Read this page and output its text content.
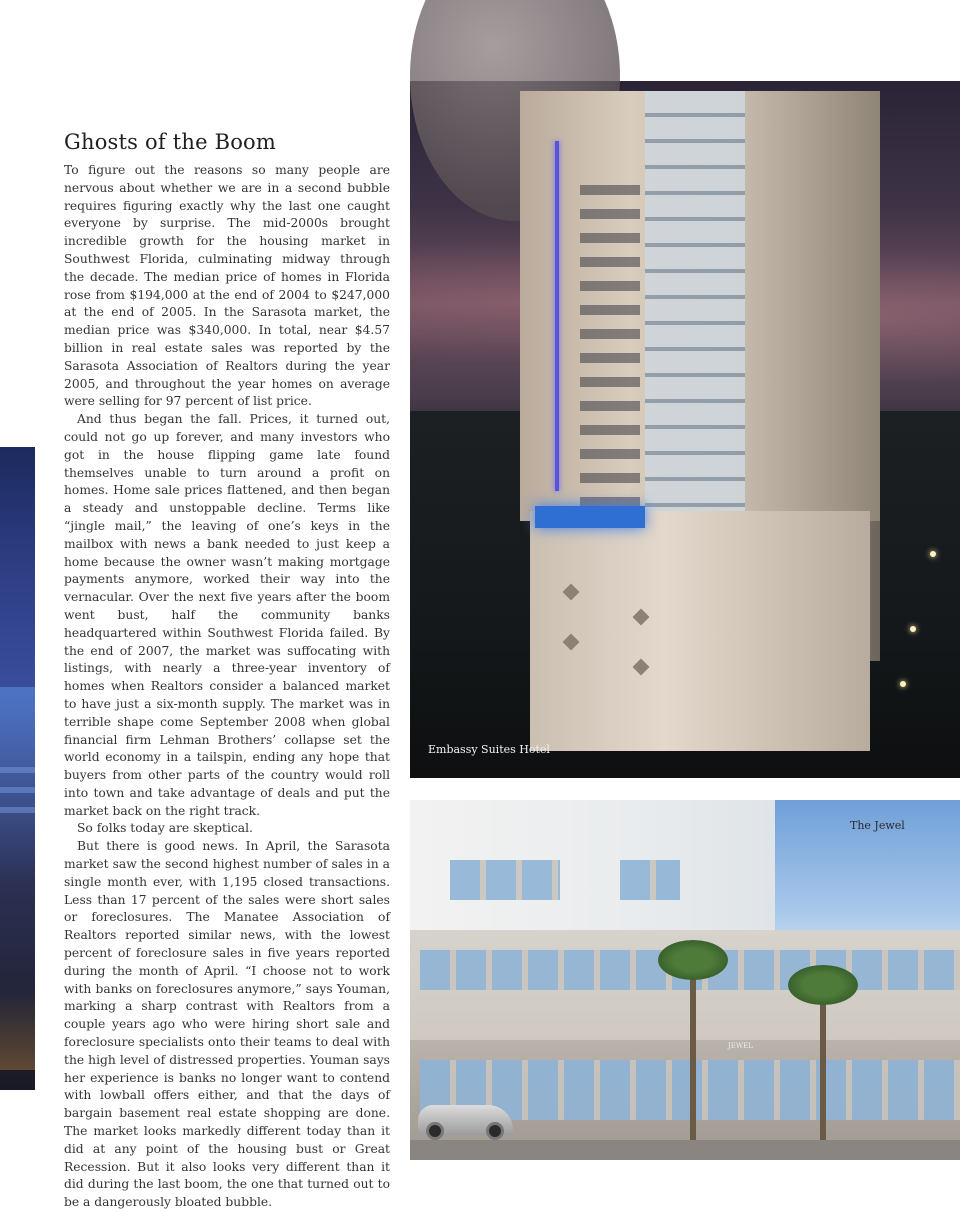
Ghosts of the Boom

To figure out the reasons so many people are nervous about whether we are in a second bubble requires figuring exactly why the last one caught everyone by surprise. The mid-2000s brought incredible growth for the housing market in Southwest Florida, culminating midway through the decade. The median price of homes in Florida rose from $194,000 at the end of 2004 to $247,000 at the end of 2005. In the Sarasota market, the median price was $340,000. In total, near $4.57 billion in real estate sales was reported by the Sarasota Association of Realtors during the year 2005, and throughout the year homes on average were selling for 97 percent of list price.

And thus began the fall. Prices, it turned out, could not go up forever, and many investors who got in the house flipping game late found themselves unable to turn around a profit on homes. Home sale prices flattened, and then began a steady and unstoppable decline. Terms like “jingle mail,” the leaving of one’s keys in the mailbox with news a bank needed to just keep a home because the owner wasn’t making mortgage payments anymore, worked their way into the vernacular. Over the next five years after the boom went bust, half the community banks headquartered within Southwest Florida failed. By the end of 2007, the market was suffocating with listings, with nearly a three-year inventory of homes when Realtors consider a balanced market to have just a six-month supply. The market was in terrible shape come September 2008 when global financial firm Lehman Brothers’ collapse set the world economy in a tailspin, ending any hope that buyers from other parts of the country would roll into town and take advantage of deals and put the market back on the right track.

So folks today are skeptical.

But there is good news. In April, the Sarasota market saw the second highest number of sales in a single month ever, with 1,195 closed transactions. Less than 17 percent of the sales were short sales or foreclosures. The Manatee Association of Realtors reported similar news, with the lowest percent of foreclosure sales in five years reported during the month of April. “I choose not to work with banks on foreclosures anymore,” says Youman, marking a sharp contrast with Realtors from a couple years ago who were hiring short sale and foreclosure specialists onto their teams to deal with the high level of distressed properties. Youman says her experience is banks no longer want to contend with lowball offers either, and that the days of bargain basement real estate shopping are done. The market looks markedly different today than it did at any point of the housing bust or Great Recession. But it also looks very different than it did during the last boom, the one that turned out to be a dangerously bloated bubble.

Embassy Suites Hotel
The Jewel
JEWEL
